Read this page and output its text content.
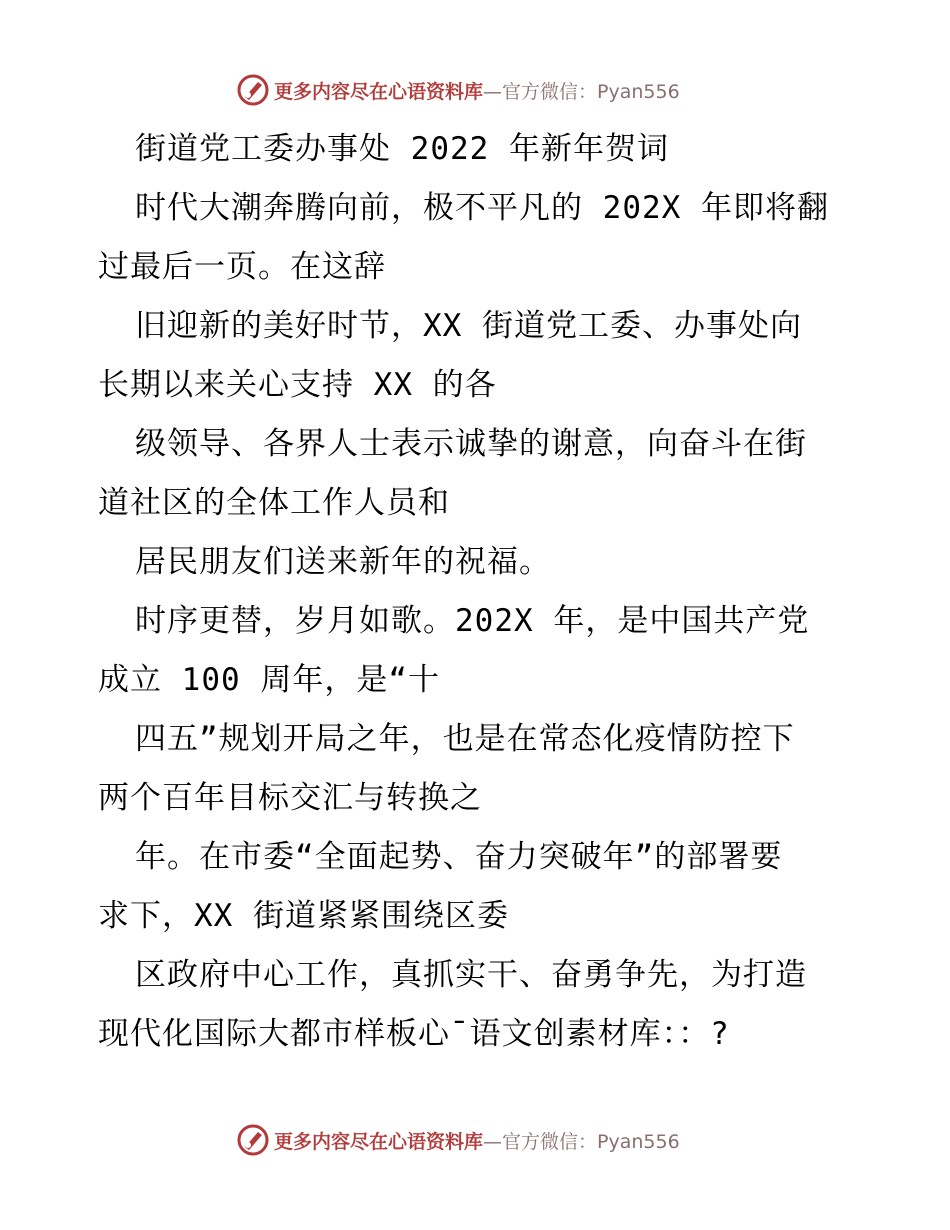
更多内容尽在心语资料库 —官方微信：Pyan556
街道党工委办事处 2022 年新年贺词
时代大潮奔腾向前，极不平凡的 202X 年即将翻
过最后一页。在这辞
旧迎新的美好时节，XX 街道党工委、办事处向
长期以来关心支持 XX 的各
级领导、各界人士表示诚挚的谢意，向奋斗在街
道社区的全体工作人员和
居民朋友们送来新年的祝福。
时序更替，岁月如歌。202X 年，是中国共产党
成立 100 周年，是“十
四五”规划开局之年，也是在常态化疫情防控下
两个百年目标交汇与转换之
年。在市委“全面起势、奋力突破年”的部署要
求下，XX 街道紧紧围绕区委
区政府中心工作，真抓实干、奋勇争先，为打造
现代化国际大都市样板心¯语文创素材库：：?
更多内容尽在心语资料库 —官方微信：Pyan556
